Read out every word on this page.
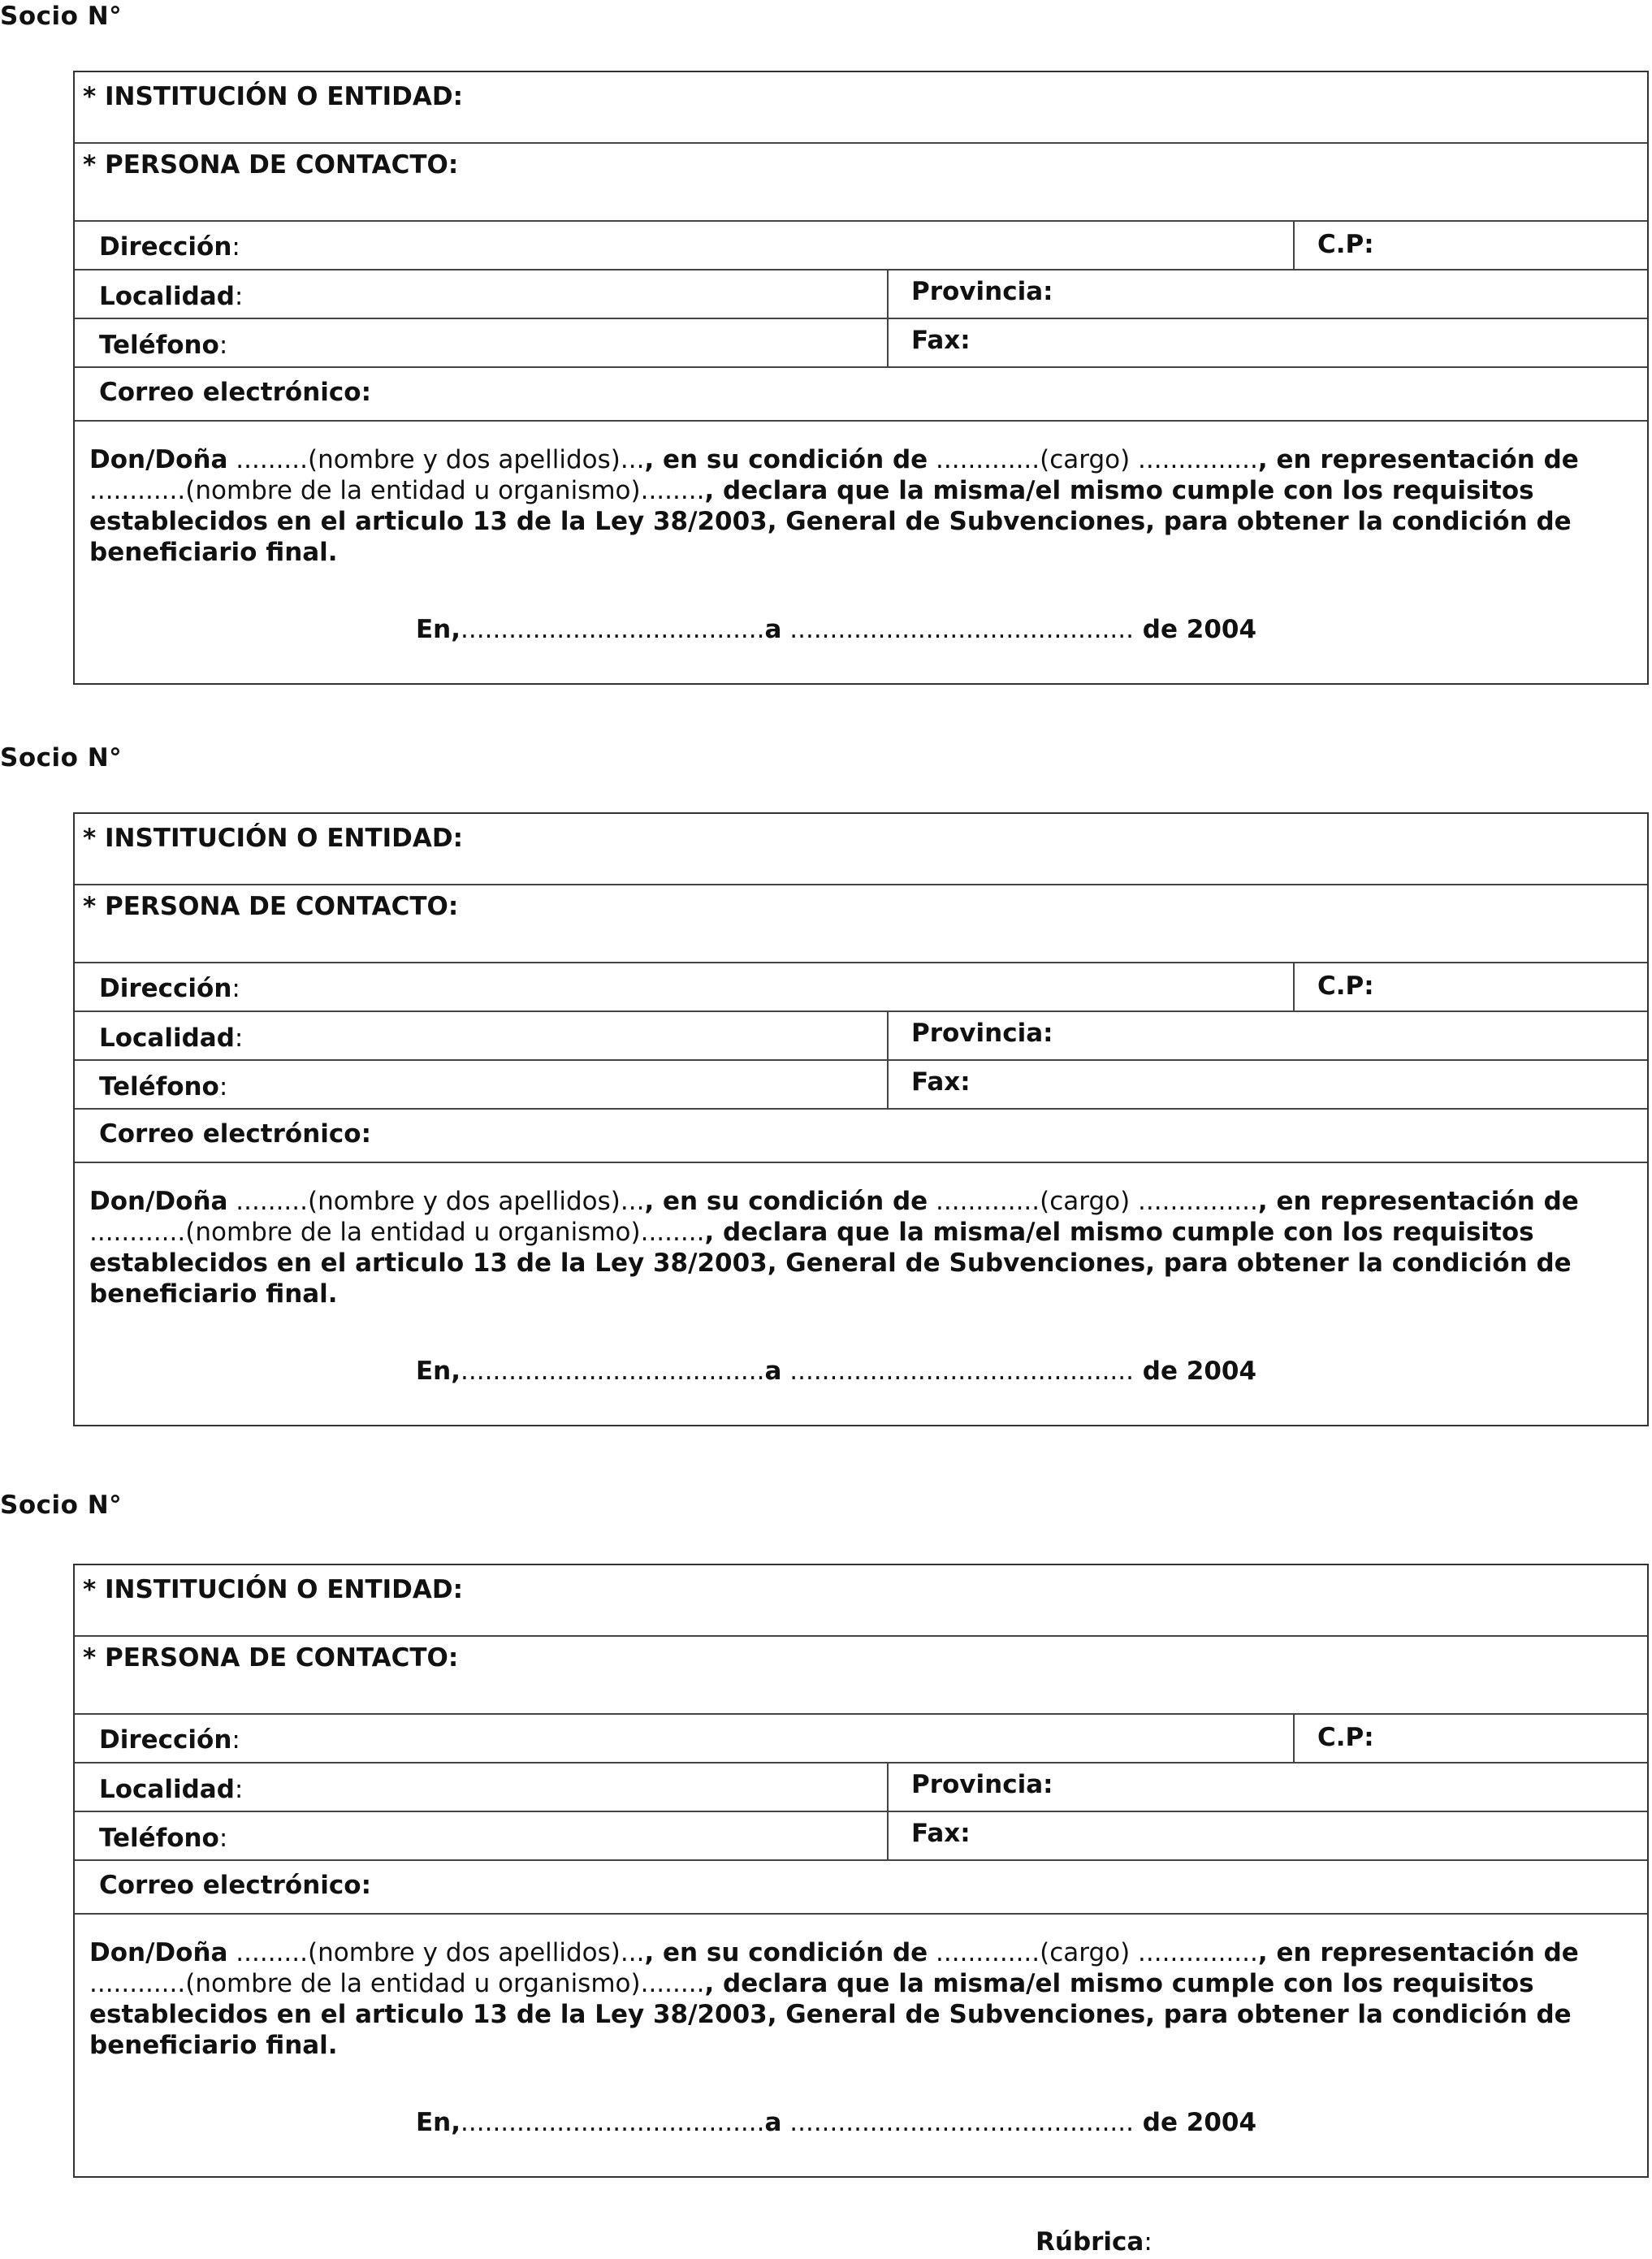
Socio N°
* INSTITUCIÓN O ENTIDAD:
* PERSONA DE CONTACTO:
Dirección:	C.P:
Localidad:	Provincia:
Teléfono:	Fax:
Correo electrónico:
Don/Doña .........(nombre y dos apellidos)..., en su condición de .............(cargo) ..............., en representación de ............(nombre de la entidad u organismo)........, declara que la misma/el mismo cumple con los requisitos establecidos en el articulo 13 de la Ley 38/2003, General de Subvenciones, para obtener la condición de beneficiario final.
En,......................................a ........................................... de 2004
Socio N°
* INSTITUCIÓN O ENTIDAD:
* PERSONA DE CONTACTO:
Dirección:	C.P:
Localidad:	Provincia:
Teléfono:	Fax:
Correo electrónico:
Don/Doña .........(nombre y dos apellidos)..., en su condición de .............(cargo) ..............., en representación de ............(nombre de la entidad u organismo)........, declara que la misma/el mismo cumple con los requisitos establecidos en el articulo 13 de la Ley 38/2003, General de Subvenciones, para obtener la condición de beneficiario final.
En,......................................a ........................................... de 2004
Socio N°
* INSTITUCIÓN O ENTIDAD:
* PERSONA DE CONTACTO:
Dirección:	C.P:
Localidad:	Provincia:
Teléfono:	Fax:
Correo electrónico:
Don/Doña .........(nombre y dos apellidos)..., en su condición de .............(cargo) ..............., en representación de ............(nombre de la entidad u organismo)........, declara que la misma/el mismo cumple con los requisitos establecidos en el articulo 13 de la Ley 38/2003, General de Subvenciones, para obtener la condición de beneficiario final.
En,......................................a ........................................... de 2004
Rúbrica:
